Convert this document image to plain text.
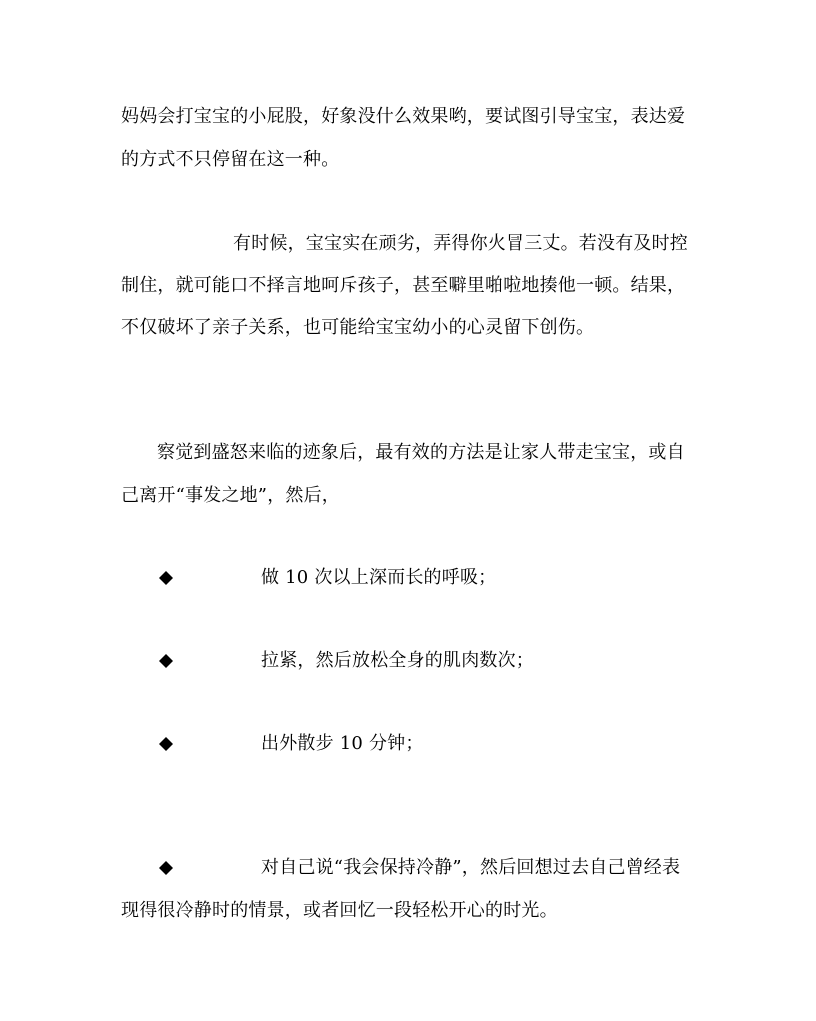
妈妈会打宝宝的小屁股，好象没什么效果哟，要试图引导宝宝，表达爱
的方式不只停留在这一种。
有时候，宝宝实在顽劣，弄得你火冒三丈。若没有及时控
制住，就可能口不择言地呵斥孩子，甚至噼里啪啦地揍他一顿。结果，
不仅破坏了亲子关系，也可能给宝宝幼小的心灵留下创伤。
察觉到盛怒来临的迹象后，最有效的方法是让家人带走宝宝，或自
己离开“事发之地”，然后，
做 10 次以上深而长的呼吸；
拉紧，然后放松全身的肌肉数次；
出外散步 10 分钟；
对自己说“我会保持冷静”，然后回想过去自己曾经表
现得很冷静时的情景，或者回忆一段轻松开心的时光。
